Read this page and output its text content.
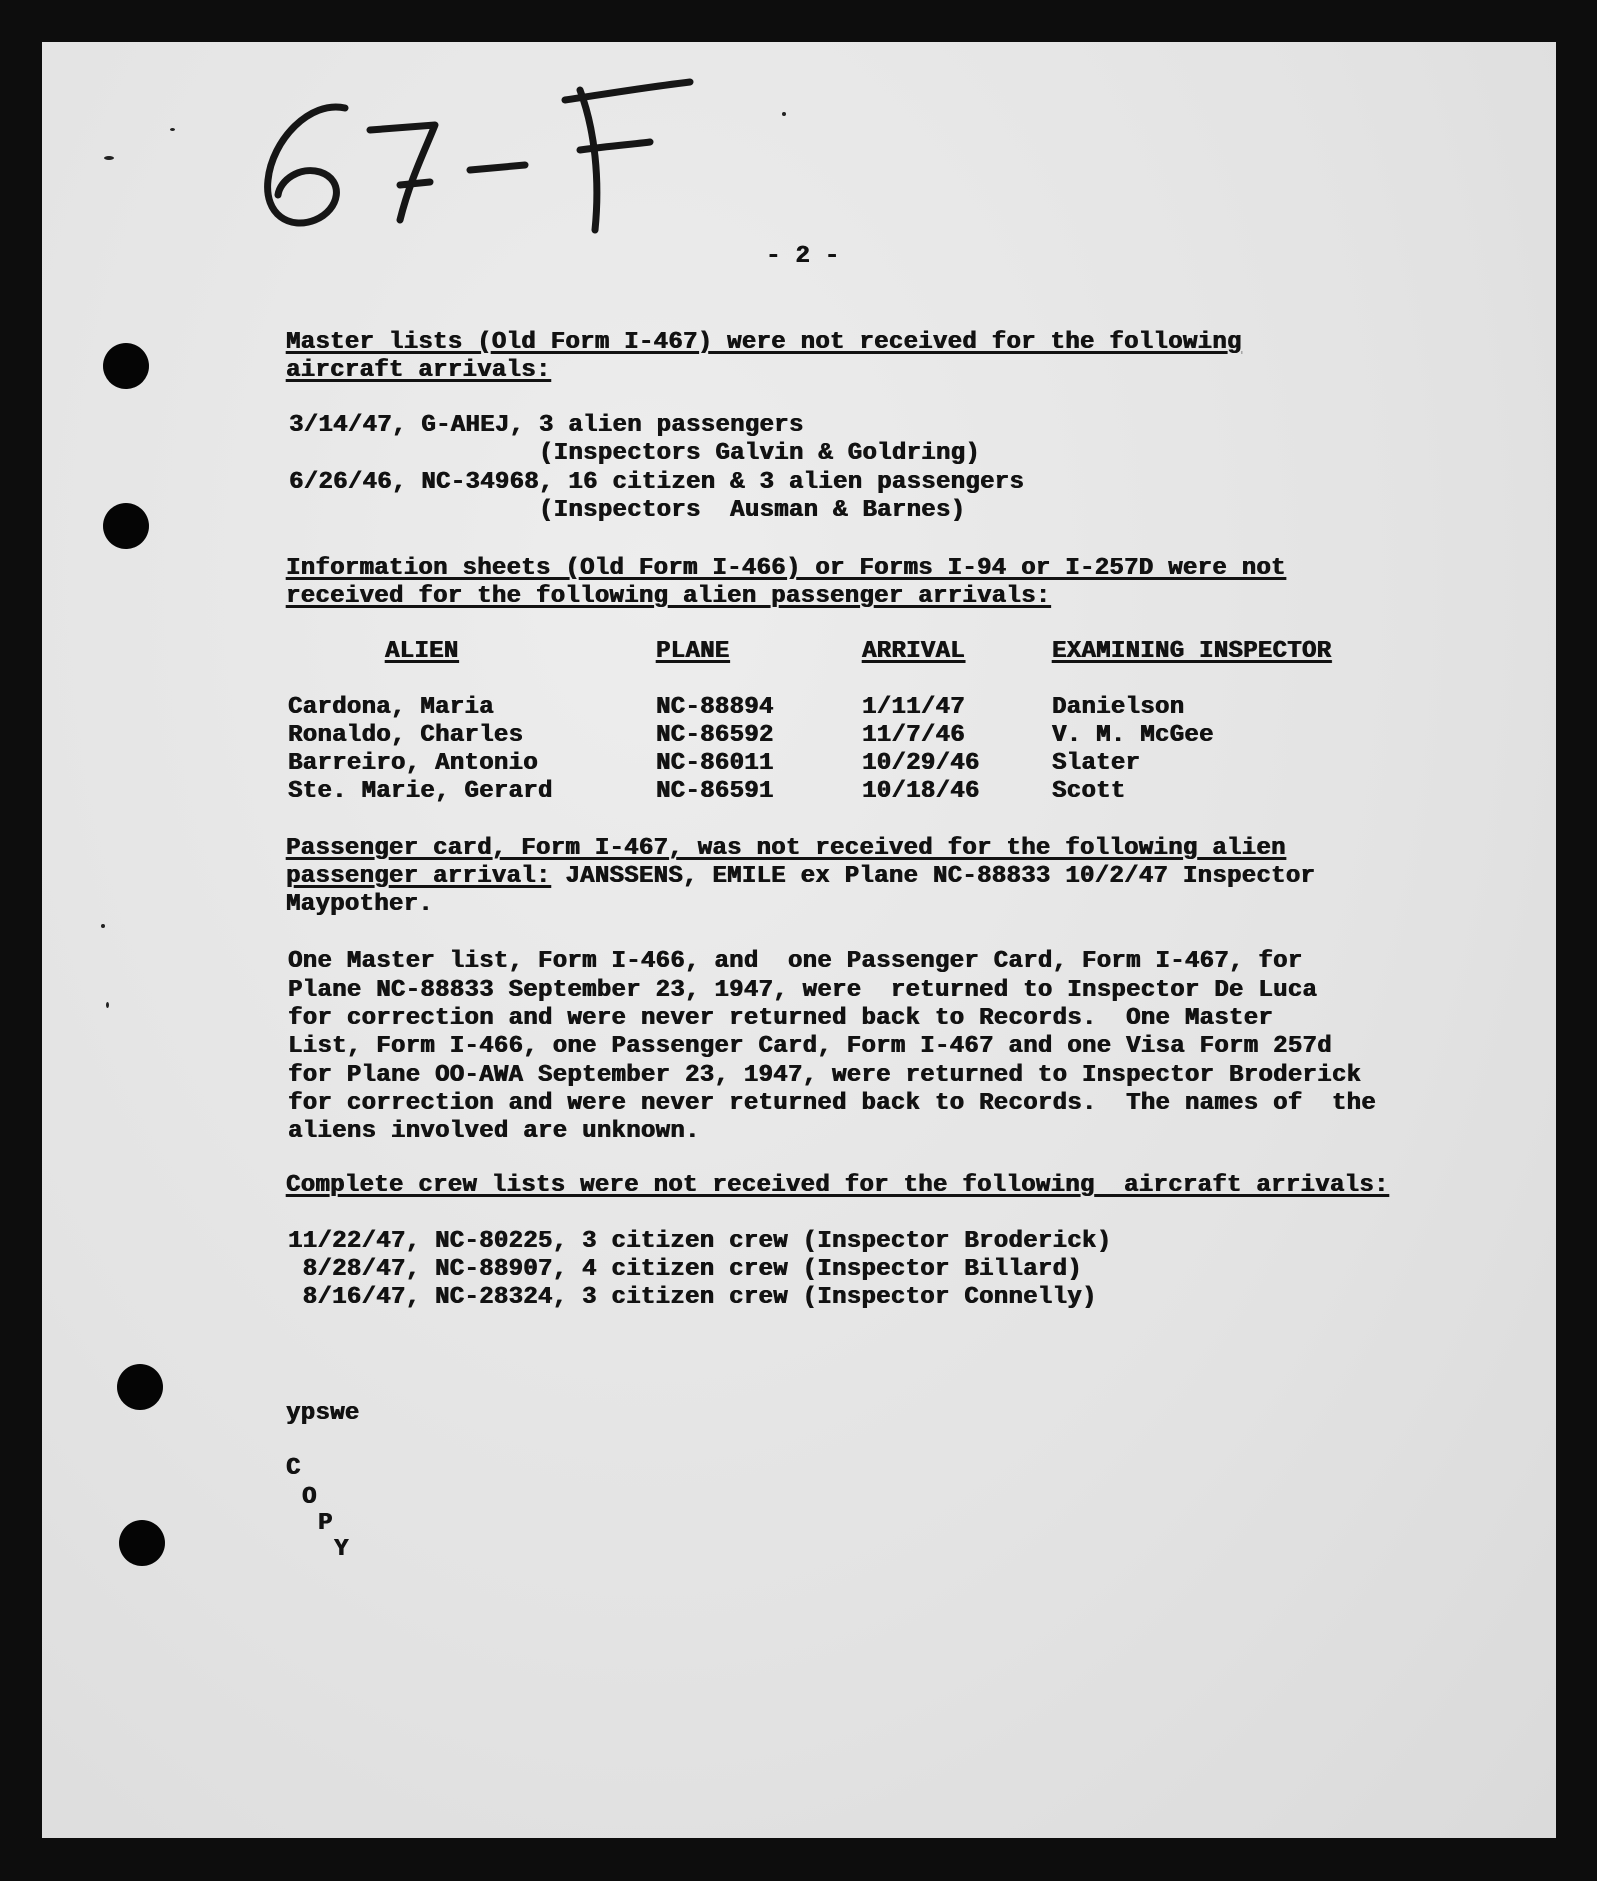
- 2 -
Master lists (Old Form I-467) were not received for the following
aircraft arrivals:
3/14/47, G-AHEJ, 3 alien passengers
(Inspectors Galvin & Goldring)
6/26/46, NC-34968, 16 citizen & 3 alien passengers
(Inspectors  Ausman & Barnes)
Information sheets (Old Form I-466) or Forms I-94 or I-257D were not
received for the following alien passenger arrivals:
ALIEN	PLANE	ARRIVAL	EXAMINING INSPECTOR
Cardona, Maria	NC-88894	1/11/47	Danielson
Ronaldo, Charles	NC-86592	11/7/46	V. M. McGee
Barreiro, Antonio	NC-86011	10/29/46	Slater
Ste. Marie, Gerard	NC-86591	10/18/46	Scott
Passenger card, Form I-467, was not received for the following alien
passenger arrival: JANSSENS, EMILE ex Plane NC-88833 10/2/47 Inspector
Maypother.
One Master list, Form I-466, and  one Passenger Card, Form I-467, for
Plane NC-88833 September 23, 1947, were  returned to Inspector De Luca
for correction and were never returned back to Records.  One Master
List, Form I-466, one Passenger Card, Form I-467 and one Visa Form 257d
for Plane OO-AWA September 23, 1947, were returned to Inspector Broderick
for correction and were never returned back to Records.  The names of  the
aliens involved are unknown.
Complete crew lists were not received for the following  aircraft arrivals:
11/22/47, NC-80225, 3 citizen crew (Inspector Broderick)
8/28/47, NC-88907, 4 citizen crew (Inspector Billard)
8/16/47, NC-28324, 3 citizen crew (Inspector Connelly)
ypswe
C
O
P
Y
